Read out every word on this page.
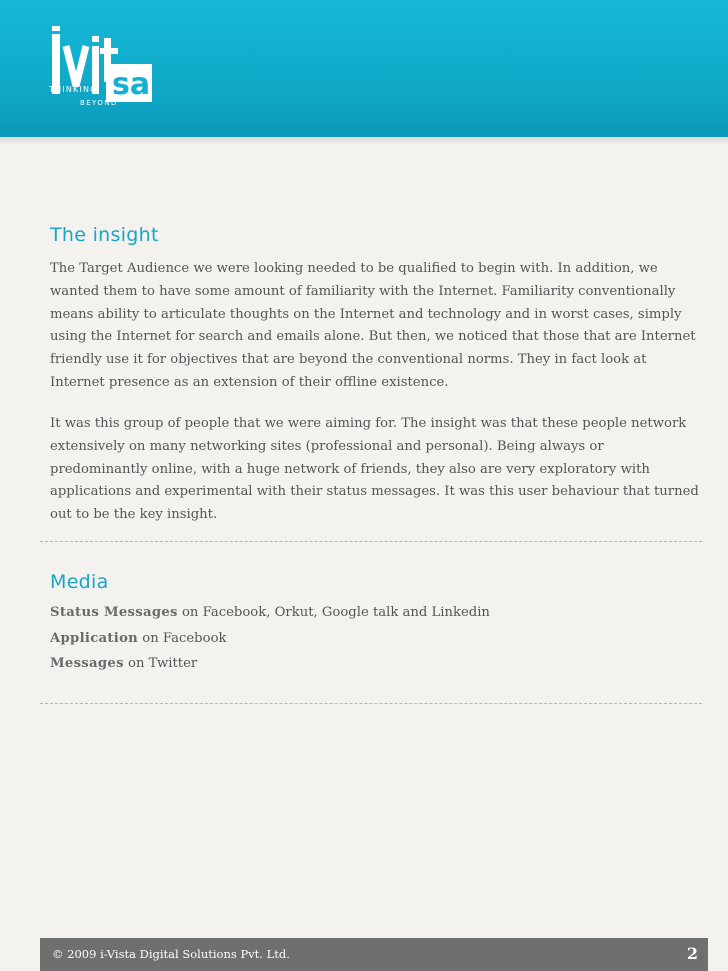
sa
THINKING
BEYOND
The insight

The Target Audience we were looking needed to be qualified to begin with. In addition, we wanted them to have some amount of familiarity with the Internet. Familiarity conventionally means ability to articulate thoughts on the Internet and technology and in worst cases, simply using the Internet for search and emails alone. But then, we noticed that those that are Internet friendly use it for objectives that are beyond the conventional norms. They in fact look at Internet presence as an extension of their offline existence.

It was this group of people that we were aiming for. The insight was that these people network extensively on many networking sites (professional and personal). Being always or predominantly online, with a huge network of friends, they also are very exploratory with applications and experimental with their status messages. It was this user behaviour that turned out to be the key insight.

Media

Status Messages on Facebook, Orkut, Google talk and Linkedin

Application on Facebook

Messages on Twitter

© 2009 i-Vista Digital Solutions Pvt. Ltd.	2
